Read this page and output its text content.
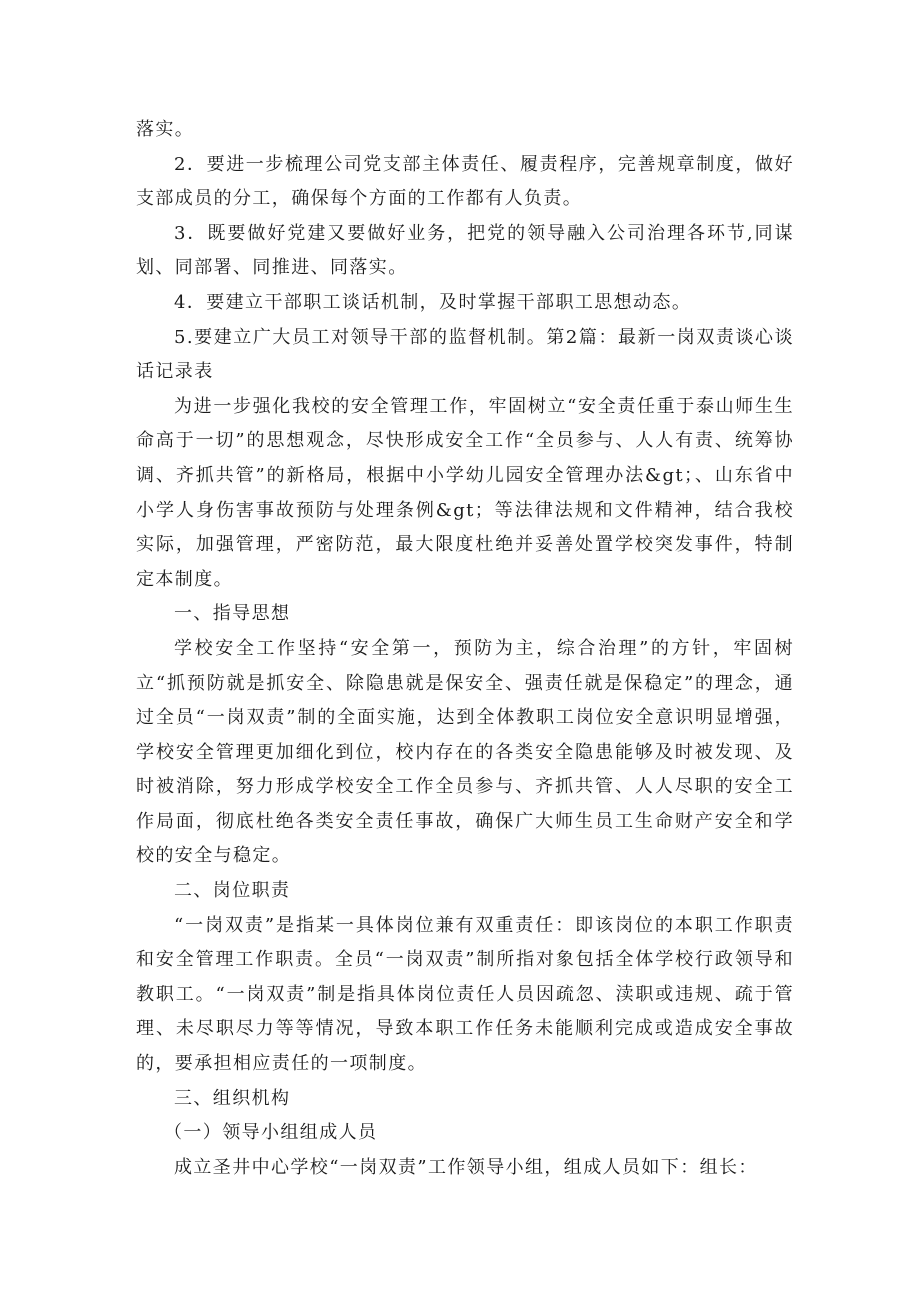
落实。

2．要进一步梳理公司党支部主体责任、履责程序，完善规章制度，做好支部成员的分工，确保每个方面的工作都有人负责。

3．既要做好党建又要做好业务，把党的领导融入公司治理各环节,同谋划、同部署、同推进、同落实。

4．要建立干部职工谈话机制，及时掌握干部职工思想动态。

5.要建立广大员工对领导干部的监督机制。第2篇：最新一岗双责谈心谈话记录表

为进一步强化我校的安全管理工作，牢固树立“安全责任重于泰山师生生命高于一切”的思想观念，尽快形成安全工作“全员参与、人人有责、统筹协调、齐抓共管”的新格局，根据中小学幼儿园安全管理办法&gt；、山东省中小学人身伤害事故预防与处理条例&gt；等法律法规和文件精神，结合我校实际，加强管理，严密防范，最大限度杜绝并妥善处置学校突发事件，特制定本制度。

一、指导思想

学校安全工作坚持“安全第一，预防为主，综合治理”的方针，牢固树立“抓预防就是抓安全、除隐患就是保安全、强责任就是保稳定”的理念，通过全员“一岗双责”制的全面实施，达到全体教职工岗位安全意识明显增强，学校安全管理更加细化到位，校内存在的各类安全隐患能够及时被发现、及时被消除，努力形成学校安全工作全员参与、齐抓共管、人人尽职的安全工作局面，彻底杜绝各类安全责任事故，确保广大师生员工生命财产安全和学校的安全与稳定。

二、岗位职责

“一岗双责”是指某一具体岗位兼有双重责任：即该岗位的本职工作职责和安全管理工作职责。全员“一岗双责”制所指对象包括全体学校行政领导和教职工。“一岗双责”制是指具体岗位责任人员因疏忽、渎职或违规、疏于管理、未尽职尽力等等情况，导致本职工作任务未能顺利完成或造成安全事故的，要承担相应责任的一项制度。

三、组织机构

（一）领导小组组成人员

成立圣井中心学校“一岗双责”工作领导小组，组成人员如下：组长：
